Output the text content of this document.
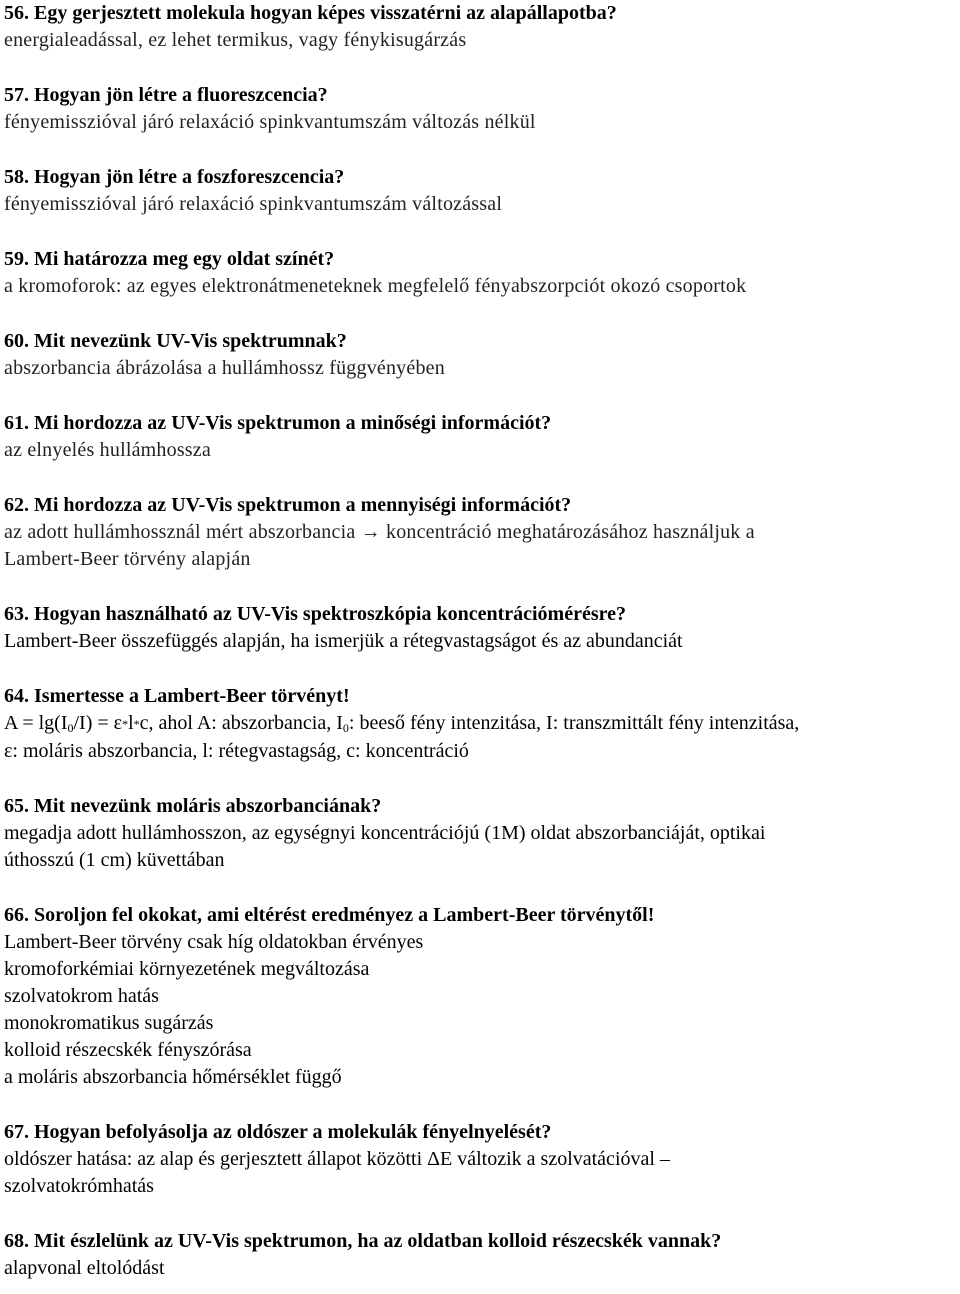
56. Egy gerjesztett molekula hogyan képes visszatérni az alapállapotba?
energialeadással, ez lehet termikus, vagy fénykisugárzás
57. Hogyan jön létre a fluoreszcencia?
fényemisszióval járó relaxáció spinkvantumszám változás nélkül
58. Hogyan jön létre a foszforeszcencia?
fényemisszióval járó relaxáció spinkvantumszám változással
59. Mi határozza meg egy oldat színét?
a kromoforok: az egyes elektronátmeneteknek megfelelő fényabszorpciót okozó csoportok
60. Mit nevezünk UV-Vis spektrumnak?
abszorbancia ábrázolása a hullámhossz függvényében
61. Mi hordozza az UV-Vis spektrumon a minőségi információt?
az elnyelés hullámhossza
62. Mi hordozza az UV-Vis spektrumon a mennyiségi információt?
az adott hullámhossznál mért abszorbancia → koncentráció meghatározásához használjuk a
Lambert-Beer törvény alapján
63. Hogyan használható az UV-Vis spektroszkópia koncentrációmérésre?
Lambert-Beer összefüggés alapján, ha ismerjük a rétegvastagságot és az abundanciát
64. Ismertesse a Lambert-Beer törvényt!
$A = \lg(I_0/I) = \varepsilon*l*c$, ahol A: abszorbancia, $I_0$: beeső fény intenzitása, I: transzmittált fény intenzitása,
ε: moláris abszorbancia, l: rétegvastagság, c: koncentráció
65. Mit nevezünk moláris abszorbanciának?
megadja adott hullámhosszon, az egységnyi koncentrációjú (1M) oldat abszorbanciáját, optikai
úthosszú (1 cm) küvettában
66. Soroljon fel okokat, ami eltérést eredményez a Lambert-Beer törvénytől!
Lambert-Beer törvény csak híg oldatokban érvényes
kromoforkémiai környezetének megváltozása
szolvatokrom hatás
monokromatikus sugárzás
kolloid részecskék fényszórása
a moláris abszorbancia hőmérséklet függő
67. Hogyan befolyásolja az oldószer a molekulák fényelnyelését?
oldószer hatása: az alap és gerjesztett állapot közötti ΔE változik a szolvatációval –
szolvatokrómhatás
68. Mit észlelünk az UV-Vis spektrumon, ha az oldatban kolloid részecskék vannak?
alapvonal eltolódást
